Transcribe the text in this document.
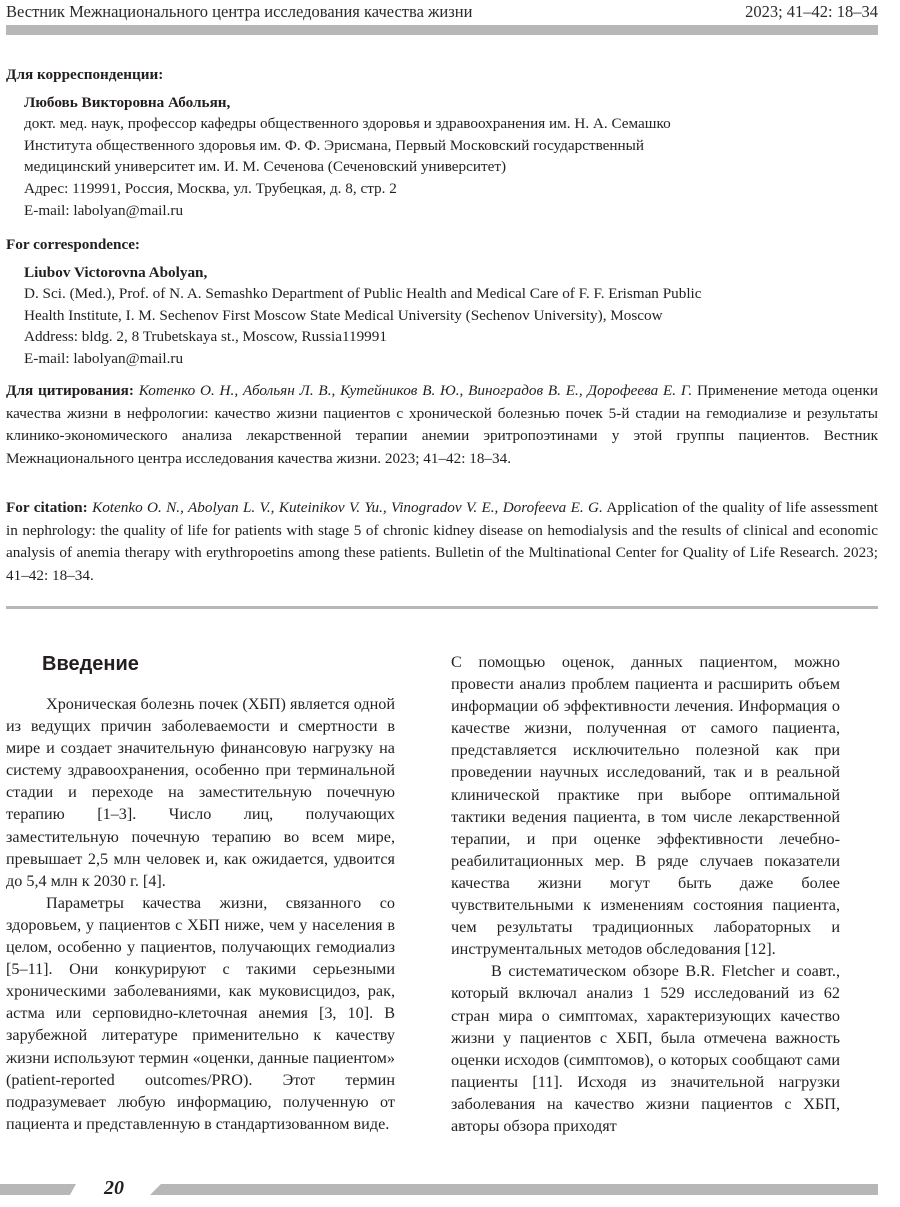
Вестник Межнационального центра исследования качества жизни	2023; 41–42: 18–34

Для корреспонденции:

Любовь Викторовна Абольян,

докт. мед. наук, профессор кафедры общественного здоровья и здравоохранения им. Н. А. Семашко

Института общественного здоровья им. Ф. Ф. Эрисмана, Первый Московский государственный

медицинский университет им. И. М. Сеченова (Сеченовский университет)

Адрес: 119991, Россия, Москва, ул. Трубецкая, д. 8, стр. 2

E-mail: labolyan@mail.ru

For correspondence:

Liubov Victorovna Abolyan,

D. Sci. (Med.), Prof. of N. A. Semashko Department of Public Health and Medical Care of F. F. Erisman Public

Health Institute, I. M. Sechenov First Moscow State Medical University (Sechenov University), Moscow

Address: bldg. 2, 8 Trubetskaya st., Moscow, Russia119991

E-mail: labolyan@mail.ru

Для цитирования: Котенко О. Н., Абольян Л. В., Кутейников В. Ю., Виноградов В. Е., Дорофеева Е. Г. Применение метода оценки качества жизни в нефрологии: качество жизни пациентов с хронической болезнью почек 5-й стадии на гемодиализе и результаты клинико-экономического анализа лекарственной терапии анемии эритропоэтинами у этой группы пациентов. Вестник Межнационального центра исследования качества жизни. 2023; 41–42: 18–34.
For citation: Kotenko O. N., Abolyan L. V., Kuteinikov V. Yu., Vinogradov V. E., Dorofeeva E. G. Application of the quality of life assessment in nephrology: the quality of life for patients with stage 5 of chronic kidney disease on hemodialysis and the results of clinical and economic analysis of anemia therapy with erythropoetins among these patients. Bulletin of the Multinational Center for Quality of Life Research. 2023; 41–42: 18–34.
Введение

Хроническая болезнь почек (ХБП) является одной из ведущих причин заболеваемости и смертности в мире и создает значительную финансовую нагрузку на систему здравоохранения, особенно при терминальной стадии и переходе на заместительную почечную терапию [1–3]. Число лиц, получающих заместительную почечную терапию во всем мире, превышает 2,5 млн человек и, как ожидается, удвоится до 5,4 млн к 2030 г. [4].

Параметры качества жизни, связанного со здоровьем, у пациентов с ХБП ниже, чем у населения в целом, особенно у пациентов, получающих гемодиализ [5–11]. Они конкурируют с такими серьезными хроническими заболеваниями, как муковисцидоз, рак, астма или серповидно-клеточная анемия [3, 10]. В зарубежной литературе применительно к качеству жизни используют термин «оценки, данные пациентом» (patient-reported outcomes/PRO). Этот термин подразумевает любую информацию, полученную от пациента и представленную в стандартизованном виде.

С помощью оценок, данных пациентом, можно провести анализ проблем пациента и расширить объем информации об эффективности лечения. Информация о качестве жизни, полученная от самого пациента, представляется исключительно полезной как при проведении научных исследований, так и в реальной клинической практике при выборе оптимальной тактики ведения пациента, в том числе лекарственной терапии, и при оценке эффективности лечебно-реабилитационных мер. В ряде случаев показатели качества жизни могут быть даже более чувствительными к изменениям состояния пациента, чем результаты традиционных лабораторных и инструментальных методов обследования [12].

В систематическом обзоре B.R. Fletcher и соавт., который включал анализ 1 529 исследований из 62 стран мира о симптомах, характеризующих качество жизни у пациентов с ХБП, была отмечена важность оценки исходов (симптомов), о которых сообщают сами пациенты [11]. Исходя из значительной нагрузки заболевания на качество жизни пациентов с ХБП, авторы обзора приходят

20
